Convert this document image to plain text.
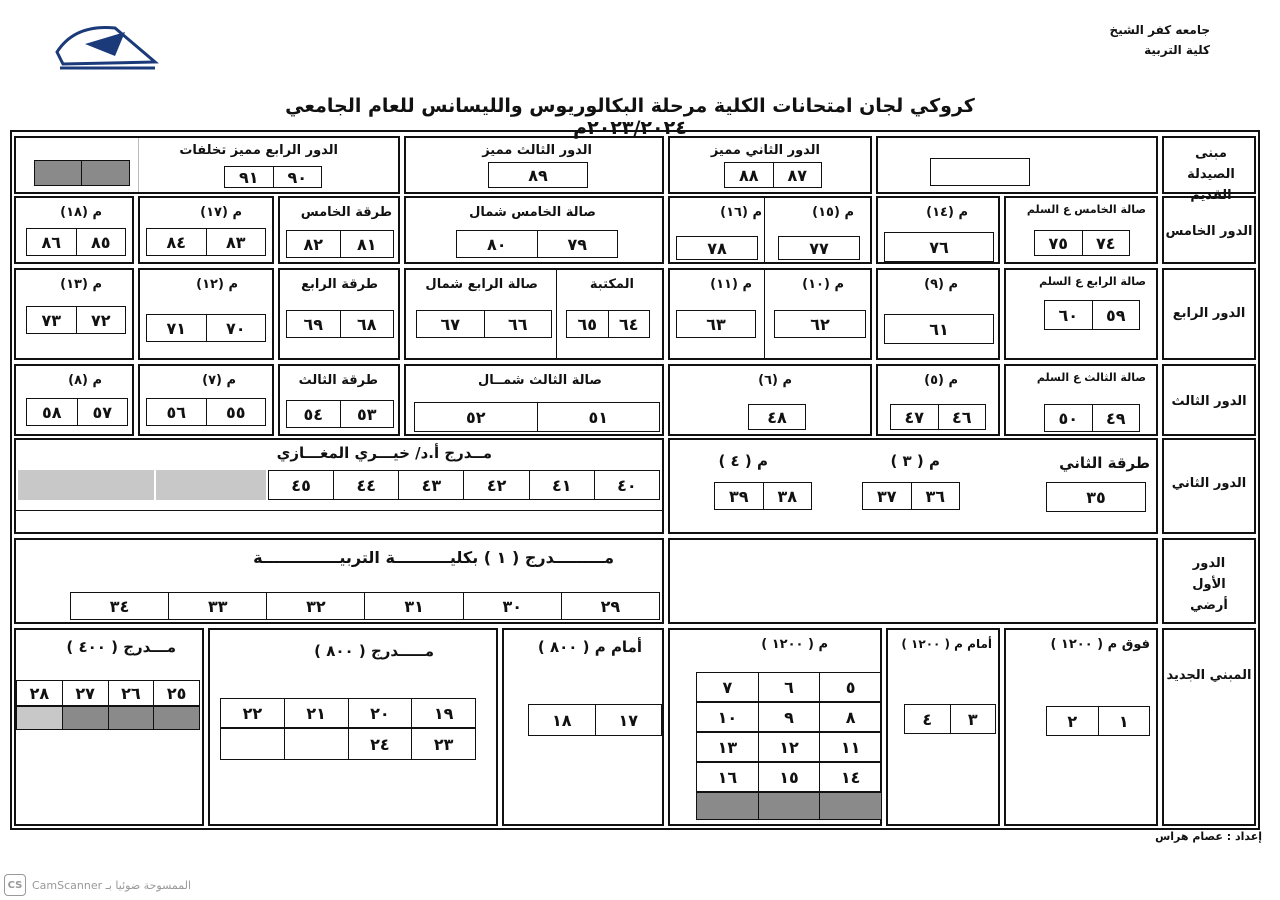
جامعه كفر الشيخ
كلية التربية
كروكي لجان امتحانات الكلية مرحلة البكالوريوس والليسانس للعام الجامعي ٢٠٢٣/٢٠٢٤م
مبنى الصيدلة القديم
الدور الخامس
الدور الرابع
الدور الثالث
الدور الثاني
الدور الأول أرضي
المبني الجديد
الدور الثاني مميز
٨٧
٨٨
الدور الثالث مميز
٨٩
الدور الرابع مميز تخلفات
٩٠
٩١
صالة الخامس ع السلم
٧٤
٧٥
م (١٤)
٧٦
م (١٥)
م (١٦)
٧٧
٧٨
صالة الخامس شمال
٧٩
٨٠
طرقة الخامس
٨١
٨٢
م (١٧)
٨٣
٨٤
م (١٨)
٨٥
٨٦
صالة الرابع ع السلم
٥٩
٦٠
م (٩)
٦١
م (١٠)
م (١١)
٦٢
٦٣
المكتبة
صالة الرابع شمال
٦٤
٦٥
٦٦
٦٧
طرقة الرابع
٦٨
٦٩
م (١٢)
٧٠
٧١
م (١٣)
٧٢
٧٣
صالة الثالث ع السلم
٤٩
٥٠
م (٥)
٤٦
٤٧
م (٦)
٤٨
صالة الثالث شمــال
٥١
٥٢
طرقة الثالث
٥٣
٥٤
م (٧)
٥٥
٥٦
م (٨)
٥٧
٥٨
طرقة الثاني
٣٥
م ( ٣ )
٣٦
٣٧
م ( ٤ )
٣٨
٣٩
مــدرج أ.د/ خيـــري المغـــازي
٤٠
٤١
٤٢
٤٣
٤٤
٤٥
مـــــــــدرج ( ١ ) بكليــــــــــة التربيــــــــــــــة
٢٩
٣٠
٣١
٣٢
٣٣
٣٤
فوق م ( ١٢٠٠ )
١
٢
أمام م ( ١٢٠٠ )
٣
٤
م ( ١٢٠٠ )
٥
٦
٧
٨
٩
١٠
١١
١٢
١٣
١٤
١٥
١٦
أمام م ( ٨٠٠ )
١٧
١٨
مـــــدرج ( ٨٠٠ )
١٩
٢٠
٢١
٢٢
٢٣
٢٤
مـــدرج ( ٤٠٠ )
٢٥
٢٦
٢٧
٢٨
إعداد : عصام هراس
CS الممسوحة ضوئيا بـ CamScanner
